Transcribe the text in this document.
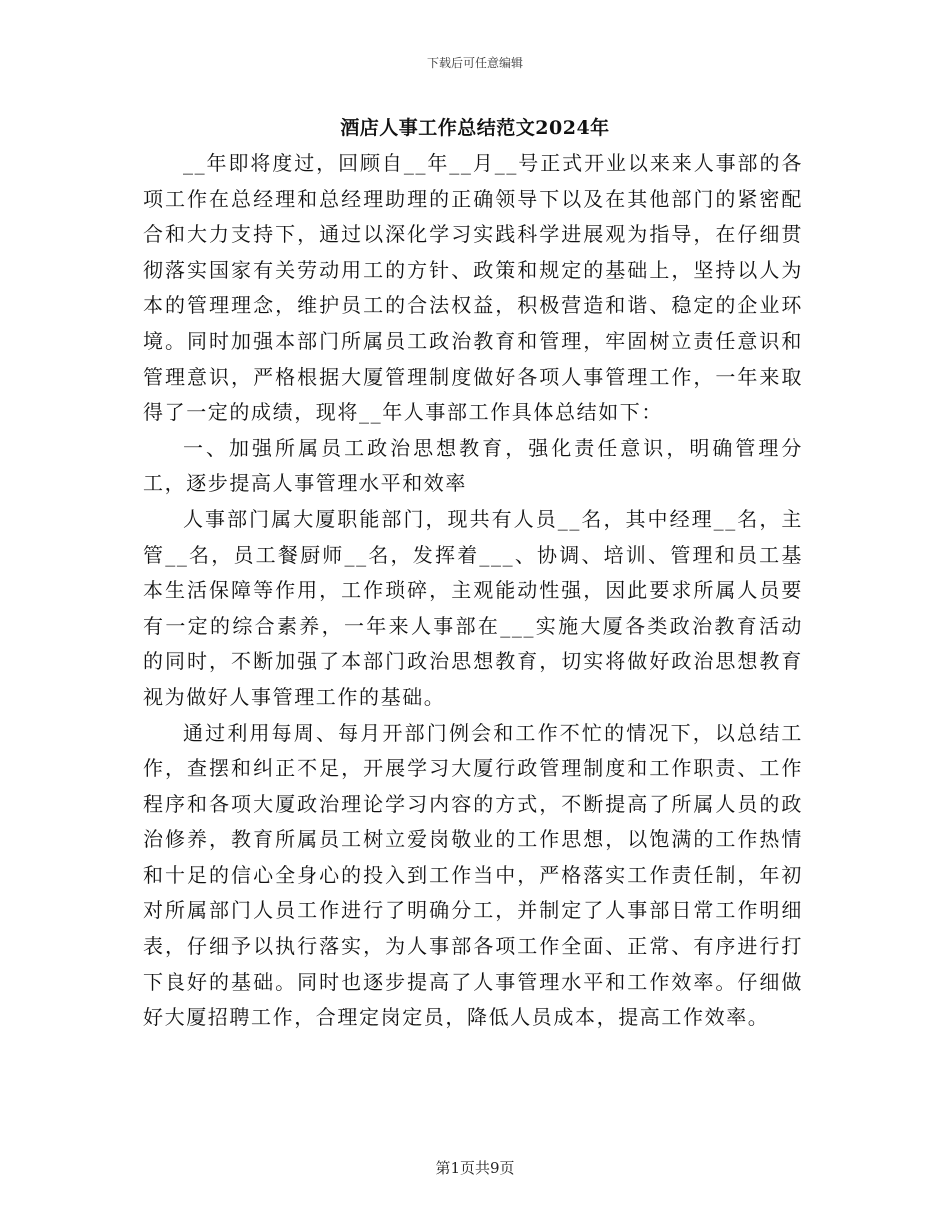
下载后可任意编辑
酒店人事工作总结范文2024年

__年即将度过，回顾自__年__月__号正式开业以来来人事部的各项工作在总经理和总经理助理的正确领导下以及在其他部门的紧密配合和大力支持下，通过以深化学习实践科学进展观为指导，在仔细贯彻落实国家有关劳动用工的方针、政策和规定的基础上，坚持以人为本的管理理念，维护员工的合法权益，积极营造和谐、稳定的企业环境。同时加强本部门所属员工政治教育和管理，牢固树立责任意识和管理意识，严格根据大厦管理制度做好各项人事管理工作，一年来取得了一定的成绩，现将__年人事部工作具体总结如下：

一、加强所属员工政治思想教育，强化责任意识，明确管理分工，逐步提高人事管理水平和效率

人事部门属大厦职能部门，现共有人员__名，其中经理__名，主管__名，员工餐厨师__名，发挥着___、协调、培训、管理和员工基本生活保障等作用，工作琐碎，主观能动性强，因此要求所属人员要有一定的综合素养，一年来人事部在___实施大厦各类政治教育活动的同时，不断加强了本部门政治思想教育，切实将做好政治思想教育视为做好人事管理工作的基础。

通过利用每周、每月开部门例会和工作不忙的情况下，以总结工作，查摆和纠正不足，开展学习大厦行政管理制度和工作职责、工作程序和各项大厦政治理论学习内容的方式，不断提高了所属人员的政治修养，教育所属员工树立爱岗敬业的工作思想，以饱满的工作热情和十足的信心全身心的投入到工作当中，严格落实工作责任制，年初对所属部门人员工作进行了明确分工，并制定了人事部日常工作明细表，仔细予以执行落实，为人事部各项工作全面、正常、有序进行打下良好的基础。同时也逐步提高了人事管理水平和工作效率。仔细做好大厦招聘工作，合理定岗定员，降低人员成本，提高工作效率。

第1页共9页
